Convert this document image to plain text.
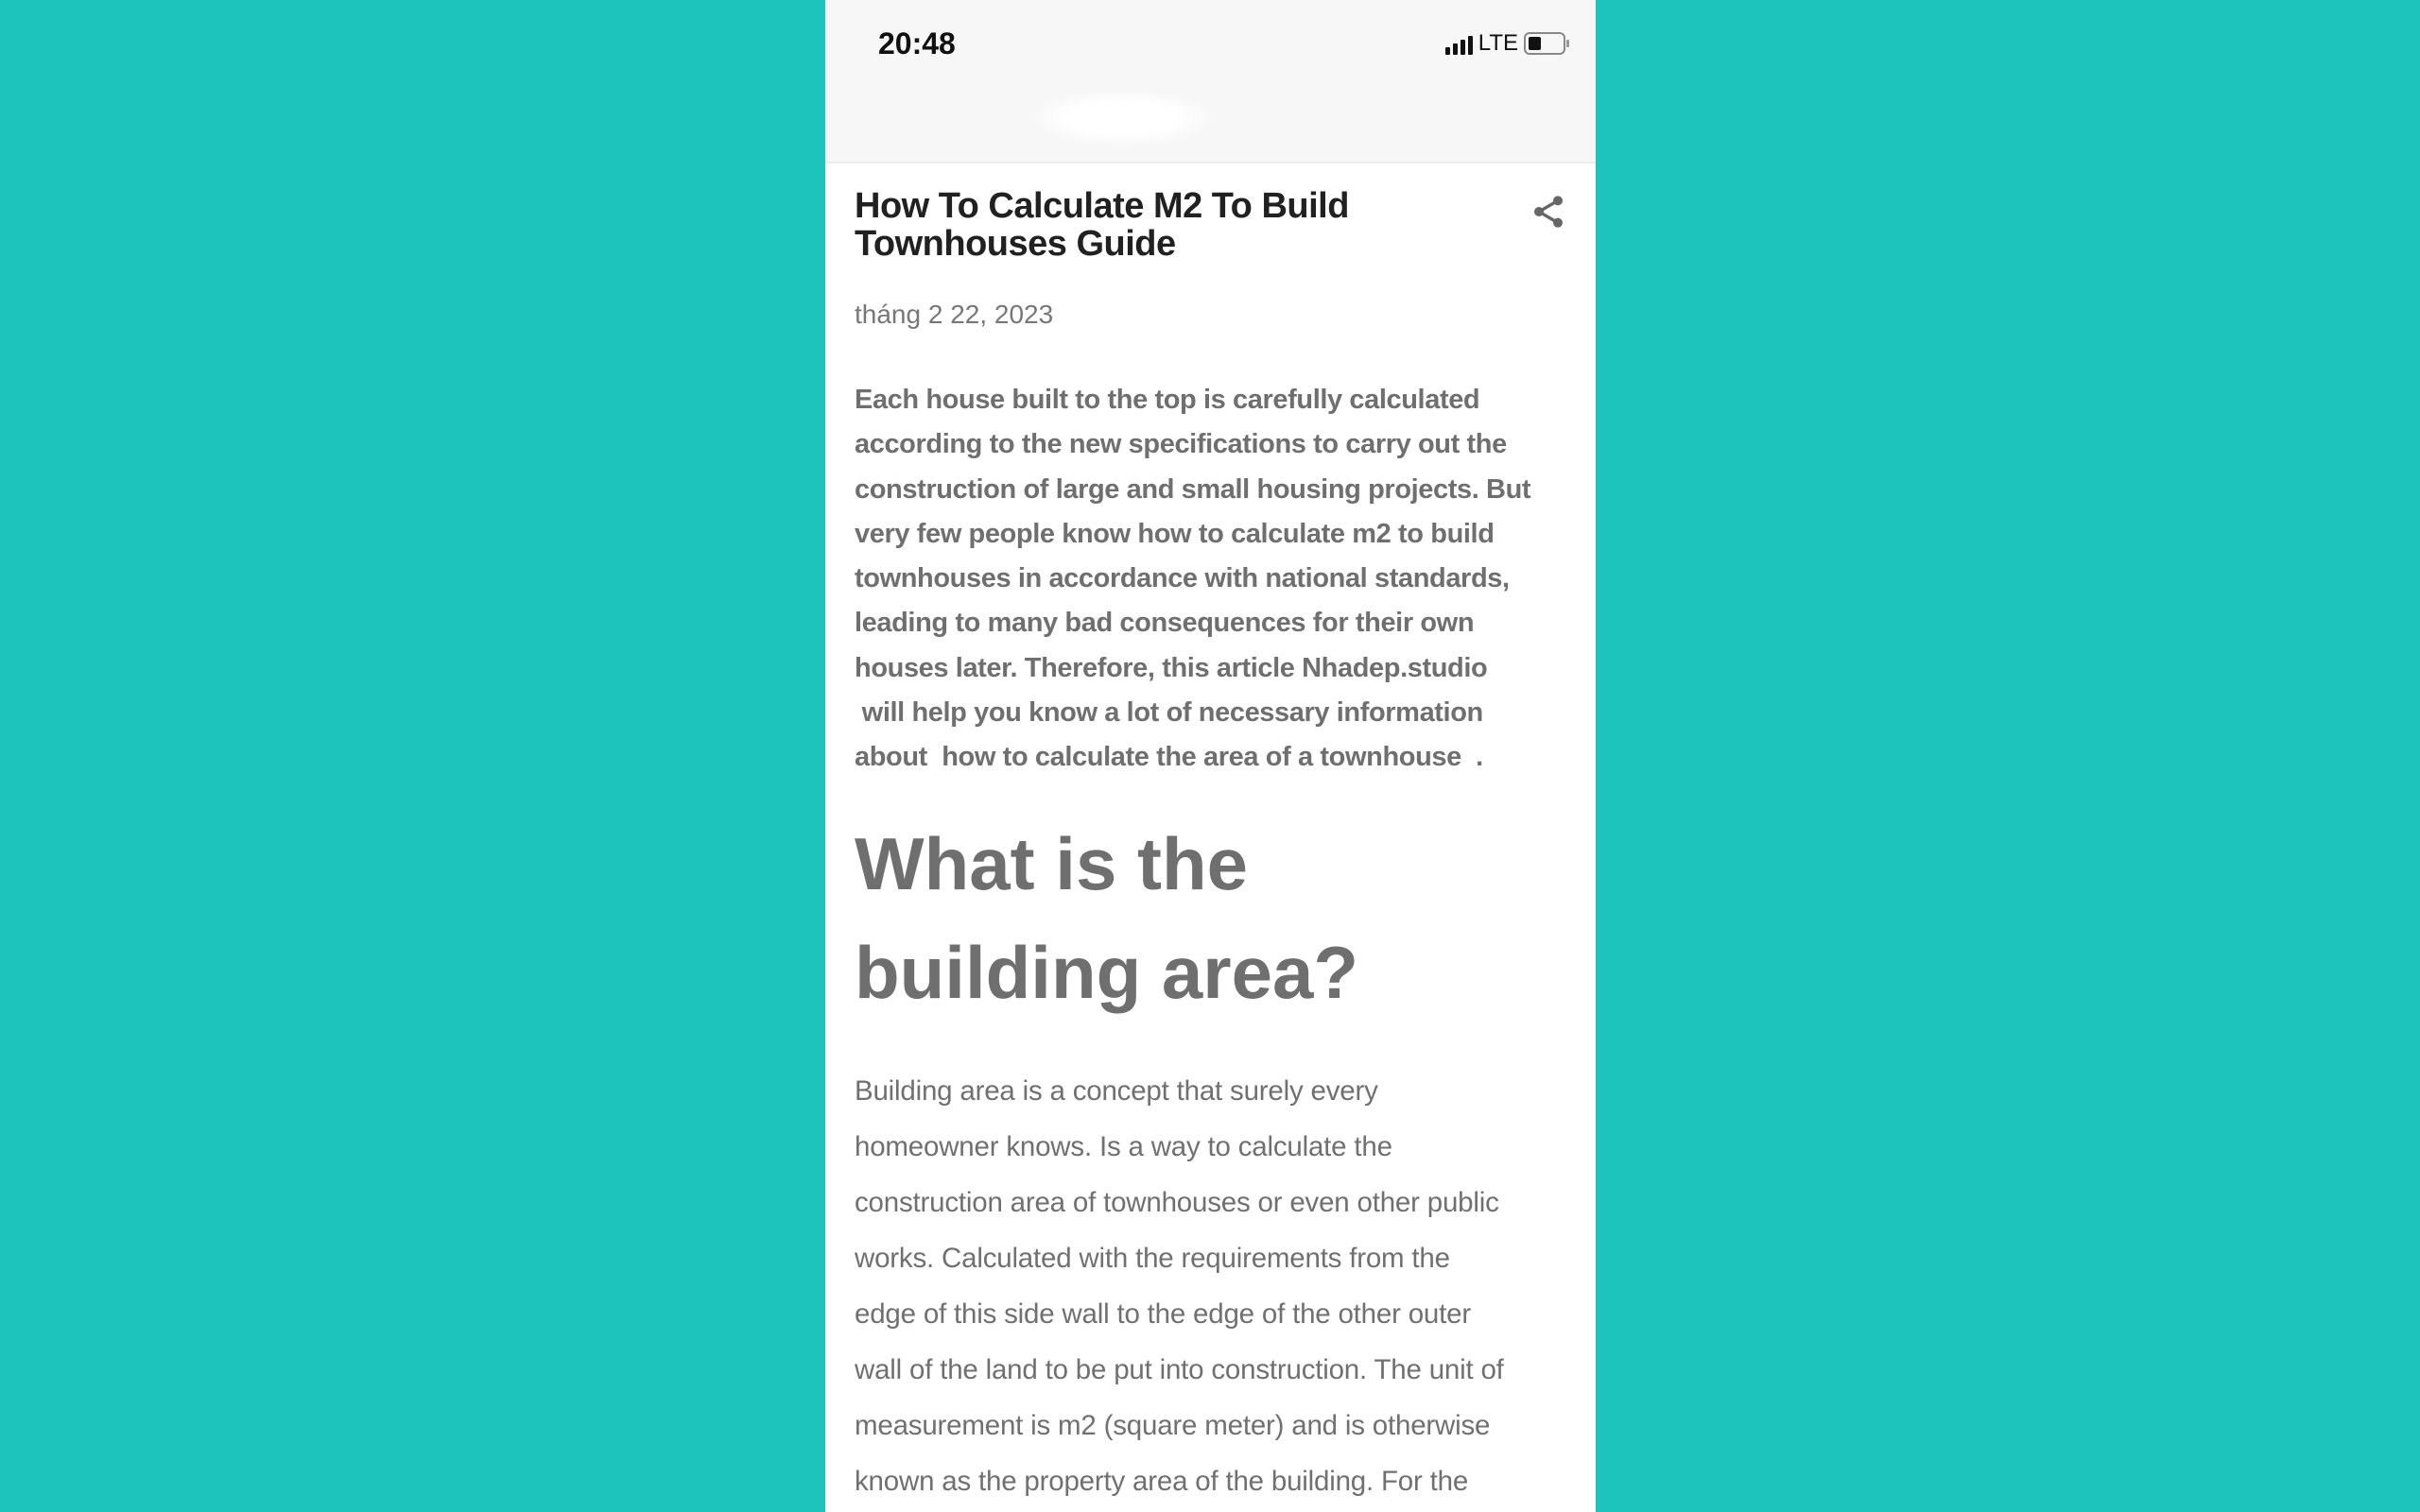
20:48	LTE
How To Calculate M2 To Build Townhouses Guide
tháng 2 22, 2023
Each house built to the top is carefully calculated
according to the new specifications to carry out the
construction of large and small housing projects. But
very few people know how to calculate m2 to build
townhouses in accordance with national standards,
leading to many bad consequences for their own
houses later. Therefore, this article Nhadep.studio
will help you know a lot of necessary information
about  how to calculate the area of a townhouse  .
What is the
building area?
Building area is a concept that surely every
homeowner knows. Is a way to calculate the
construction area of townhouses or even other public
works. Calculated with the requirements from the
edge of this side wall to the edge of the other outer
wall of the land to be put into construction. The unit of
measurement is m2 (square meter) and is otherwise
known as the property area of the building. For the
